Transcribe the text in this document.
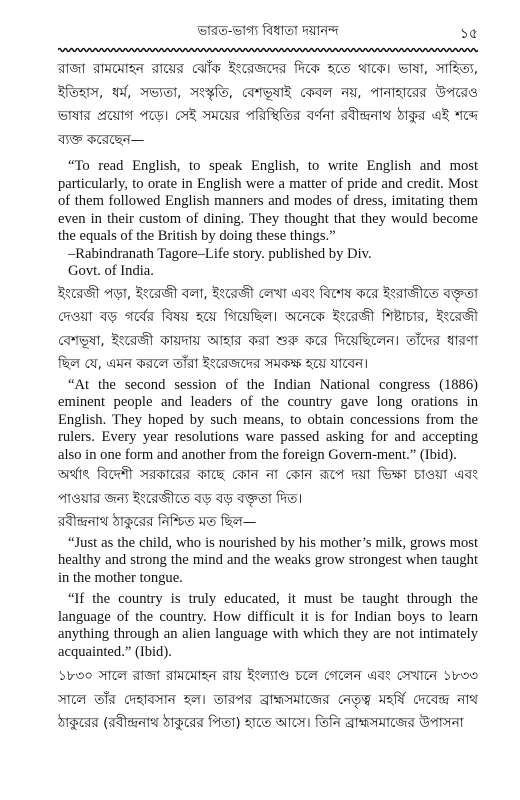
ভারত-ভাগ্য বিধাতা দয়ানন্দ	১৫

রাজা রামমোহন রায়ের ঝোঁক ইংরেজদের দিকে হতে থাকে। ভাষা, সাহিত্য, ইতিহাস, ধর্ম, সভ্যতা, সংস্কৃতি, বেশভূষাই কেবল নয়, পানাহারের উপরেও ভাষার প্রয়োগ পড়ে। সেই সময়ের পরিস্থিতির বর্ণনা রবীন্দ্রনাথ ঠাকুর এই শব্দে ব্যক্ত করেছেন—

“To read English, to speak English, to write English and most particularly, to orate in English were a matter of pride and credit. Most of them followed English manners and modes of dress, imitating them even in their custom of dining. They thought that they would become the equals of the British by doing these things.”

–Rabindranath Tagore–Life story. published by Div.

Govt. of India.

ইংরেজী পড়া, ইংরেজী বলা, ইংরেজী লেখা এবং বিশেষ করে ইংরাজীতে বক্তৃতা দেওয়া বড় গর্বের বিষয় হয়ে গিয়েছিল। অনেকে ইংরেজী শিষ্টাচার, ইংরেজী বেশভূষা, ইংরেজী কায়দায় আহার করা শুরু করে দিয়েছিলেন। তাঁদের ধারণা ছিল যে, এমন করলে তাঁরা ইংরেজদের সমকক্ষ হয়ে যাবেন।

“At the second session of the Indian National congress (1886) eminent people and leaders of the country gave long orations in English. They hoped by such means, to obtain concessions from the rulers. Every year resolutions ware passed asking for and accepting also in one form and another from the foreign Govern-ment.” (Ibid).

অর্থাৎ বিদেশী সরকারের কাছে কোন না কোন রূপে দয়া ভিক্ষা চাওয়া এবং পাওয়ার জন্য ইংরেজীতে বড় বড় বক্তৃতা দিত।

রবীন্দ্রনাথ ঠাকুরের নিশ্চিত মত ছিল—

“Just as the child, who is nourished by his mother’s milk, grows most healthy and strong the mind and the weaks grow strongest when taught in the mother tongue.

“If the country is truly educated, it must be taught through the language of the country. How difficult it is for Indian boys to learn anything through an alien language with which they are not intimately acquainted.” (Ibid).

১৮৩০ সালে রাজা রামমোহন রায় ইংল্যাণ্ড চলে গেলেন এবং সেখানে ১৮৩৩ সালে তাঁর দেহাবসান হল। তারপর ব্রাহ্মসমাজের নেতৃত্ব মহর্ষি দেবেন্দ্র নাথ ঠাকুরের (রবীন্দ্রনাথ ঠাকুরের পিতা) হাতে আসে। তিনি ব্রাহ্মসমাজের উপাসনা
